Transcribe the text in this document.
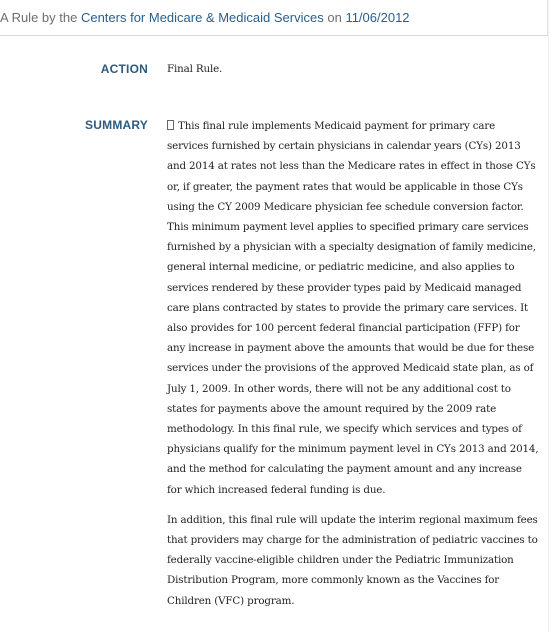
A Rule by the Centers for Medicare & Medicaid Services on 11/06/2012
ACTION Final Rule.
SUMMARY	This final rule implements Medicaid payment for primary care services furnished by certain physicians in calendar years (CYs) 2013 and 2014 at rates not less than the Medicare rates in effect in those CYs or, if greater, the payment rates that would be applicable in those CYs using the CY 2009 Medicare physician fee schedule conversion factor. This minimum payment level applies to specified primary care services furnished by a physician with a specialty designation of family medicine, general internal medicine, or pediatric medicine, and also applies to services rendered by these provider types paid by Medicaid managed care plans contracted by states to provide the primary care services. It also provides for 100 percent federal financial participation (FFP) for any increase in payment above the amounts that would be due for these services under the provisions of the approved Medicaid state plan, as of July 1, 2009. In other words, there will not be any additional cost to states for payments above the amount required by the 2009 rate methodology. In this final rule, we specify which services and types of physicians qualify for the minimum payment level in CYs 2013 and 2014, and the method for calculating the payment amount and any increase for which increased federal funding is due.

In addition, this final rule will update the interim regional maximum fees that providers may charge for the administration of pediatric vaccines to federally vaccine-eligible children under the Pediatric Immunization Distribution Program, more commonly known as the Vaccines for Children (VFC) program.
